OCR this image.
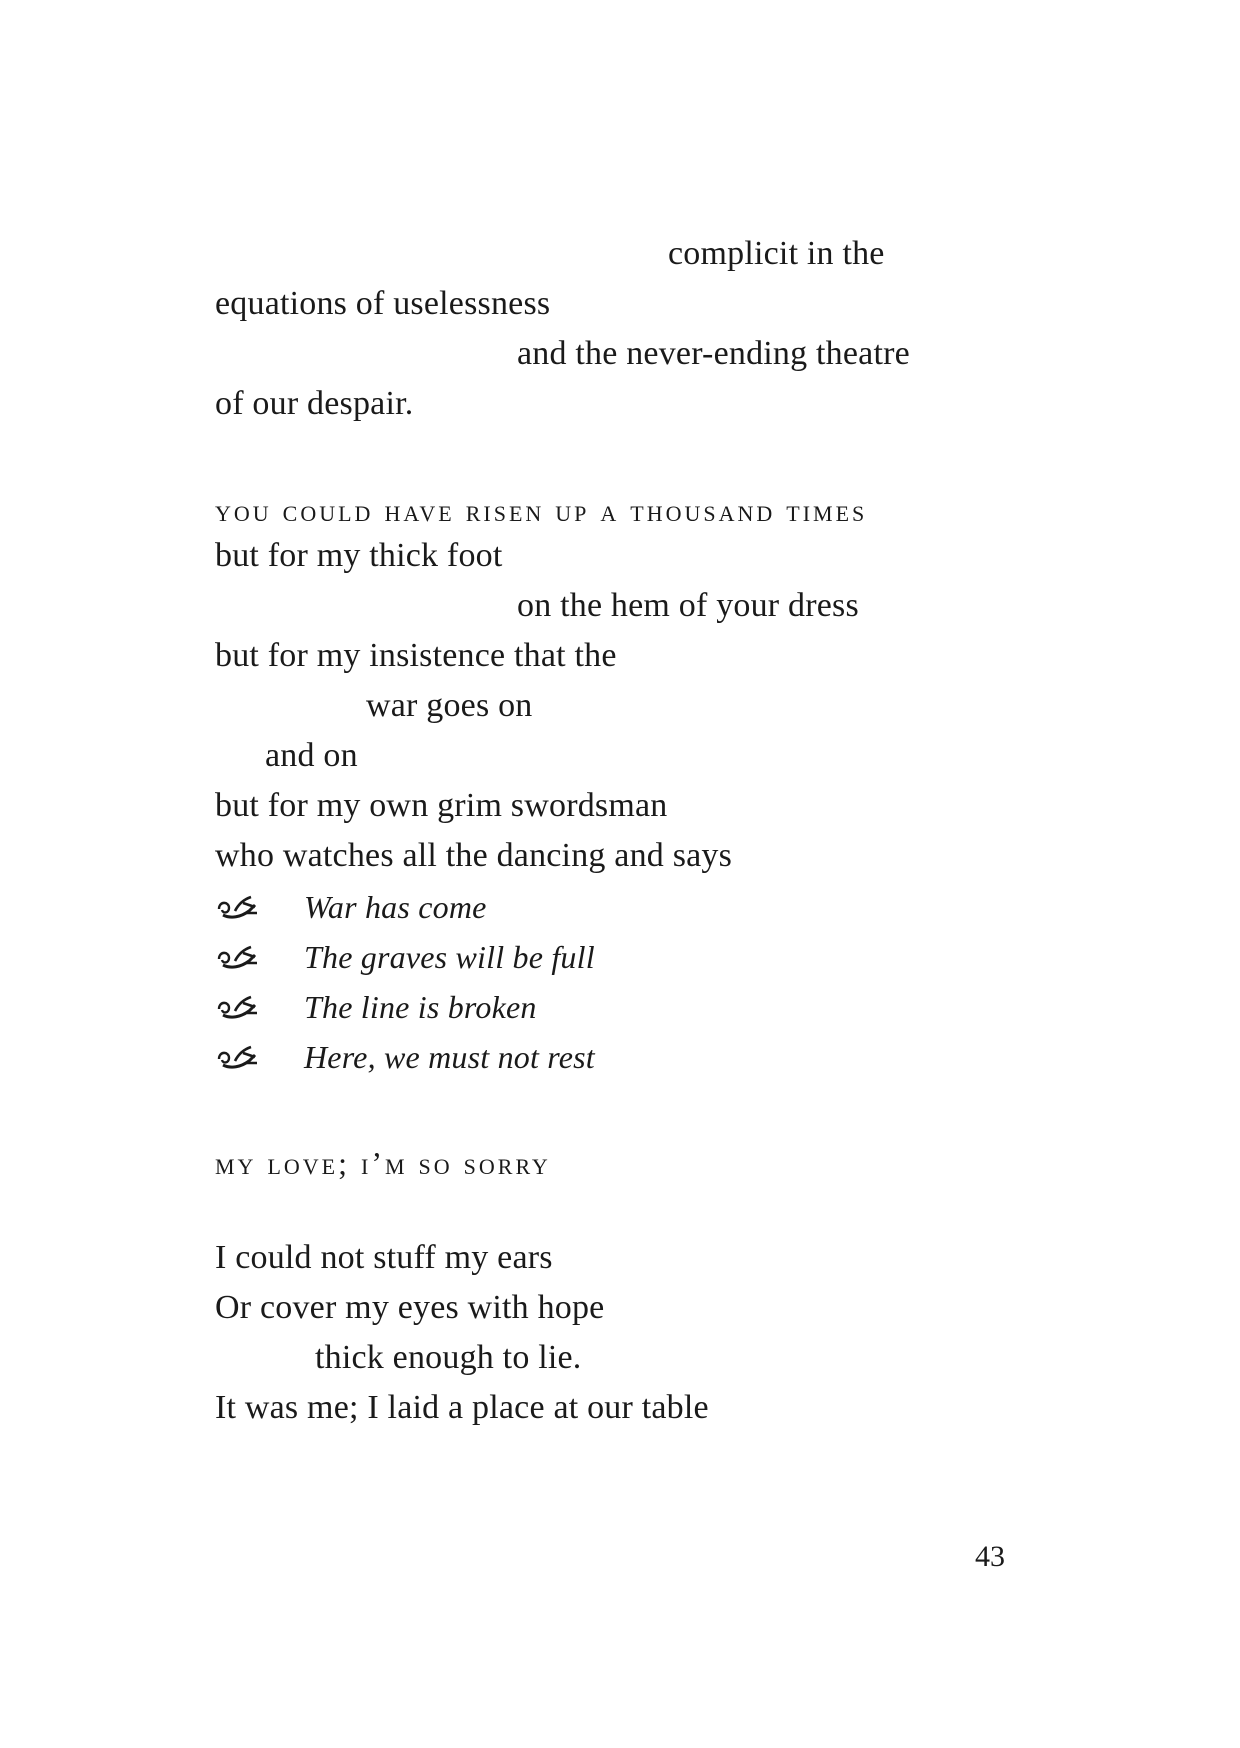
complicit in the
equations of uselessness
and the never-ending theatre
of our despair.
you could have risen up a thousand times
but for my thick foot
on the hem of your dress
but for my insistence that the
war goes on
and on
but for my own grim swordsman
who watches all the dancing and says
War has come
The graves will be full
The line is broken
Here, we must not rest
my love; i’m so sorry
I could not stuff my ears
Or cover my eyes with hope
thick enough to lie.
It was me; I laid a place at our table
43
